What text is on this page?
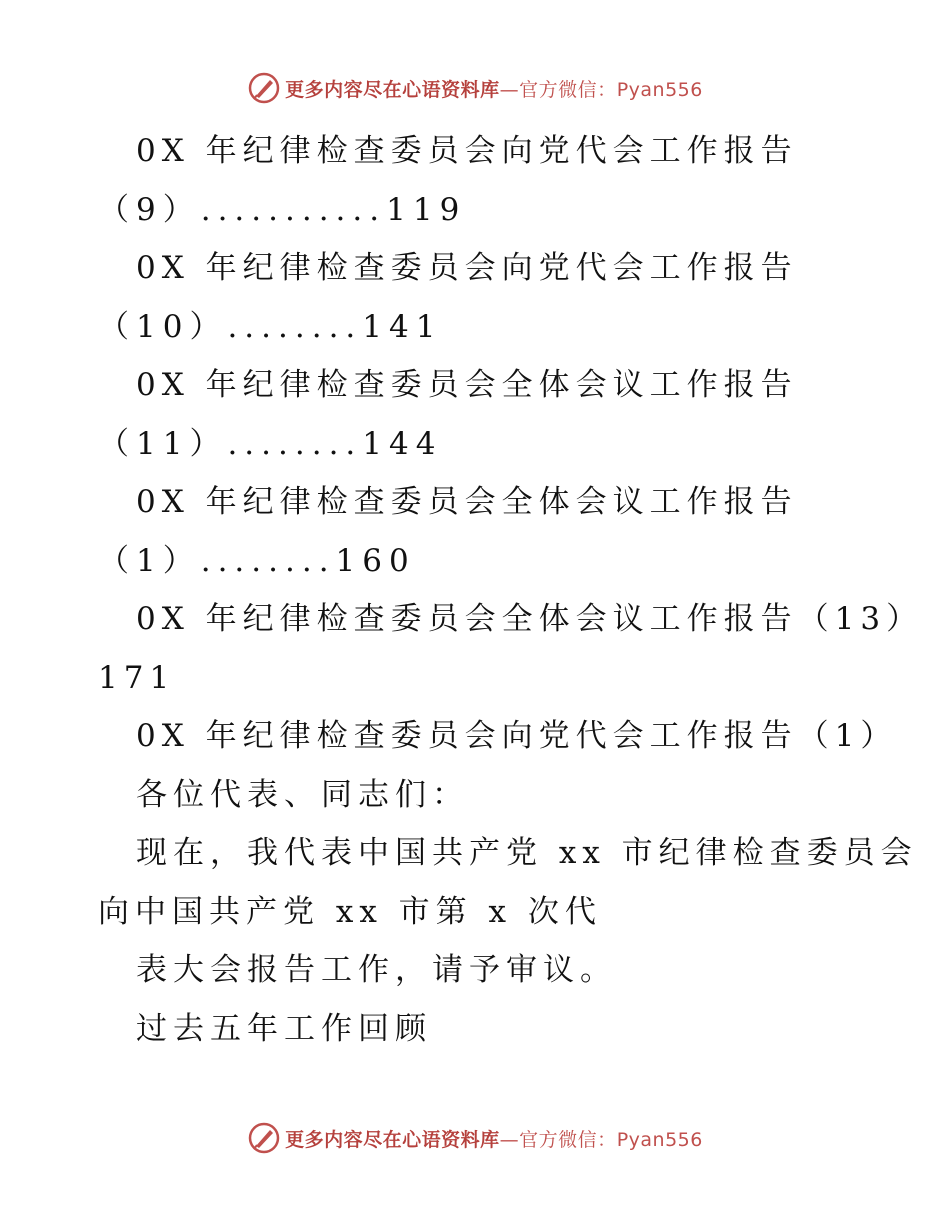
更多内容尽在心语资料库—官方微信：Pyan556
0X 年纪律检查委员会向党代会工作报告
（9）...........119
0X 年纪律检查委员会向党代会工作报告
（10）........141
0X 年纪律检查委员会全体会议工作报告
（11）........144
0X 年纪律检查委员会全体会议工作报告
（1）........160
0X 年纪律检查委员会全体会议工作报告（13）
171
0X 年纪律检查委员会向党代会工作报告（1）
各位代表、同志们：
现在，我代表中国共产党 xx 市纪律检查委员会
向中国共产党 xx 市第 x 次代
表大会报告工作，请予审议。
过去五年工作回顾
更多内容尽在心语资料库—官方微信：Pyan556
